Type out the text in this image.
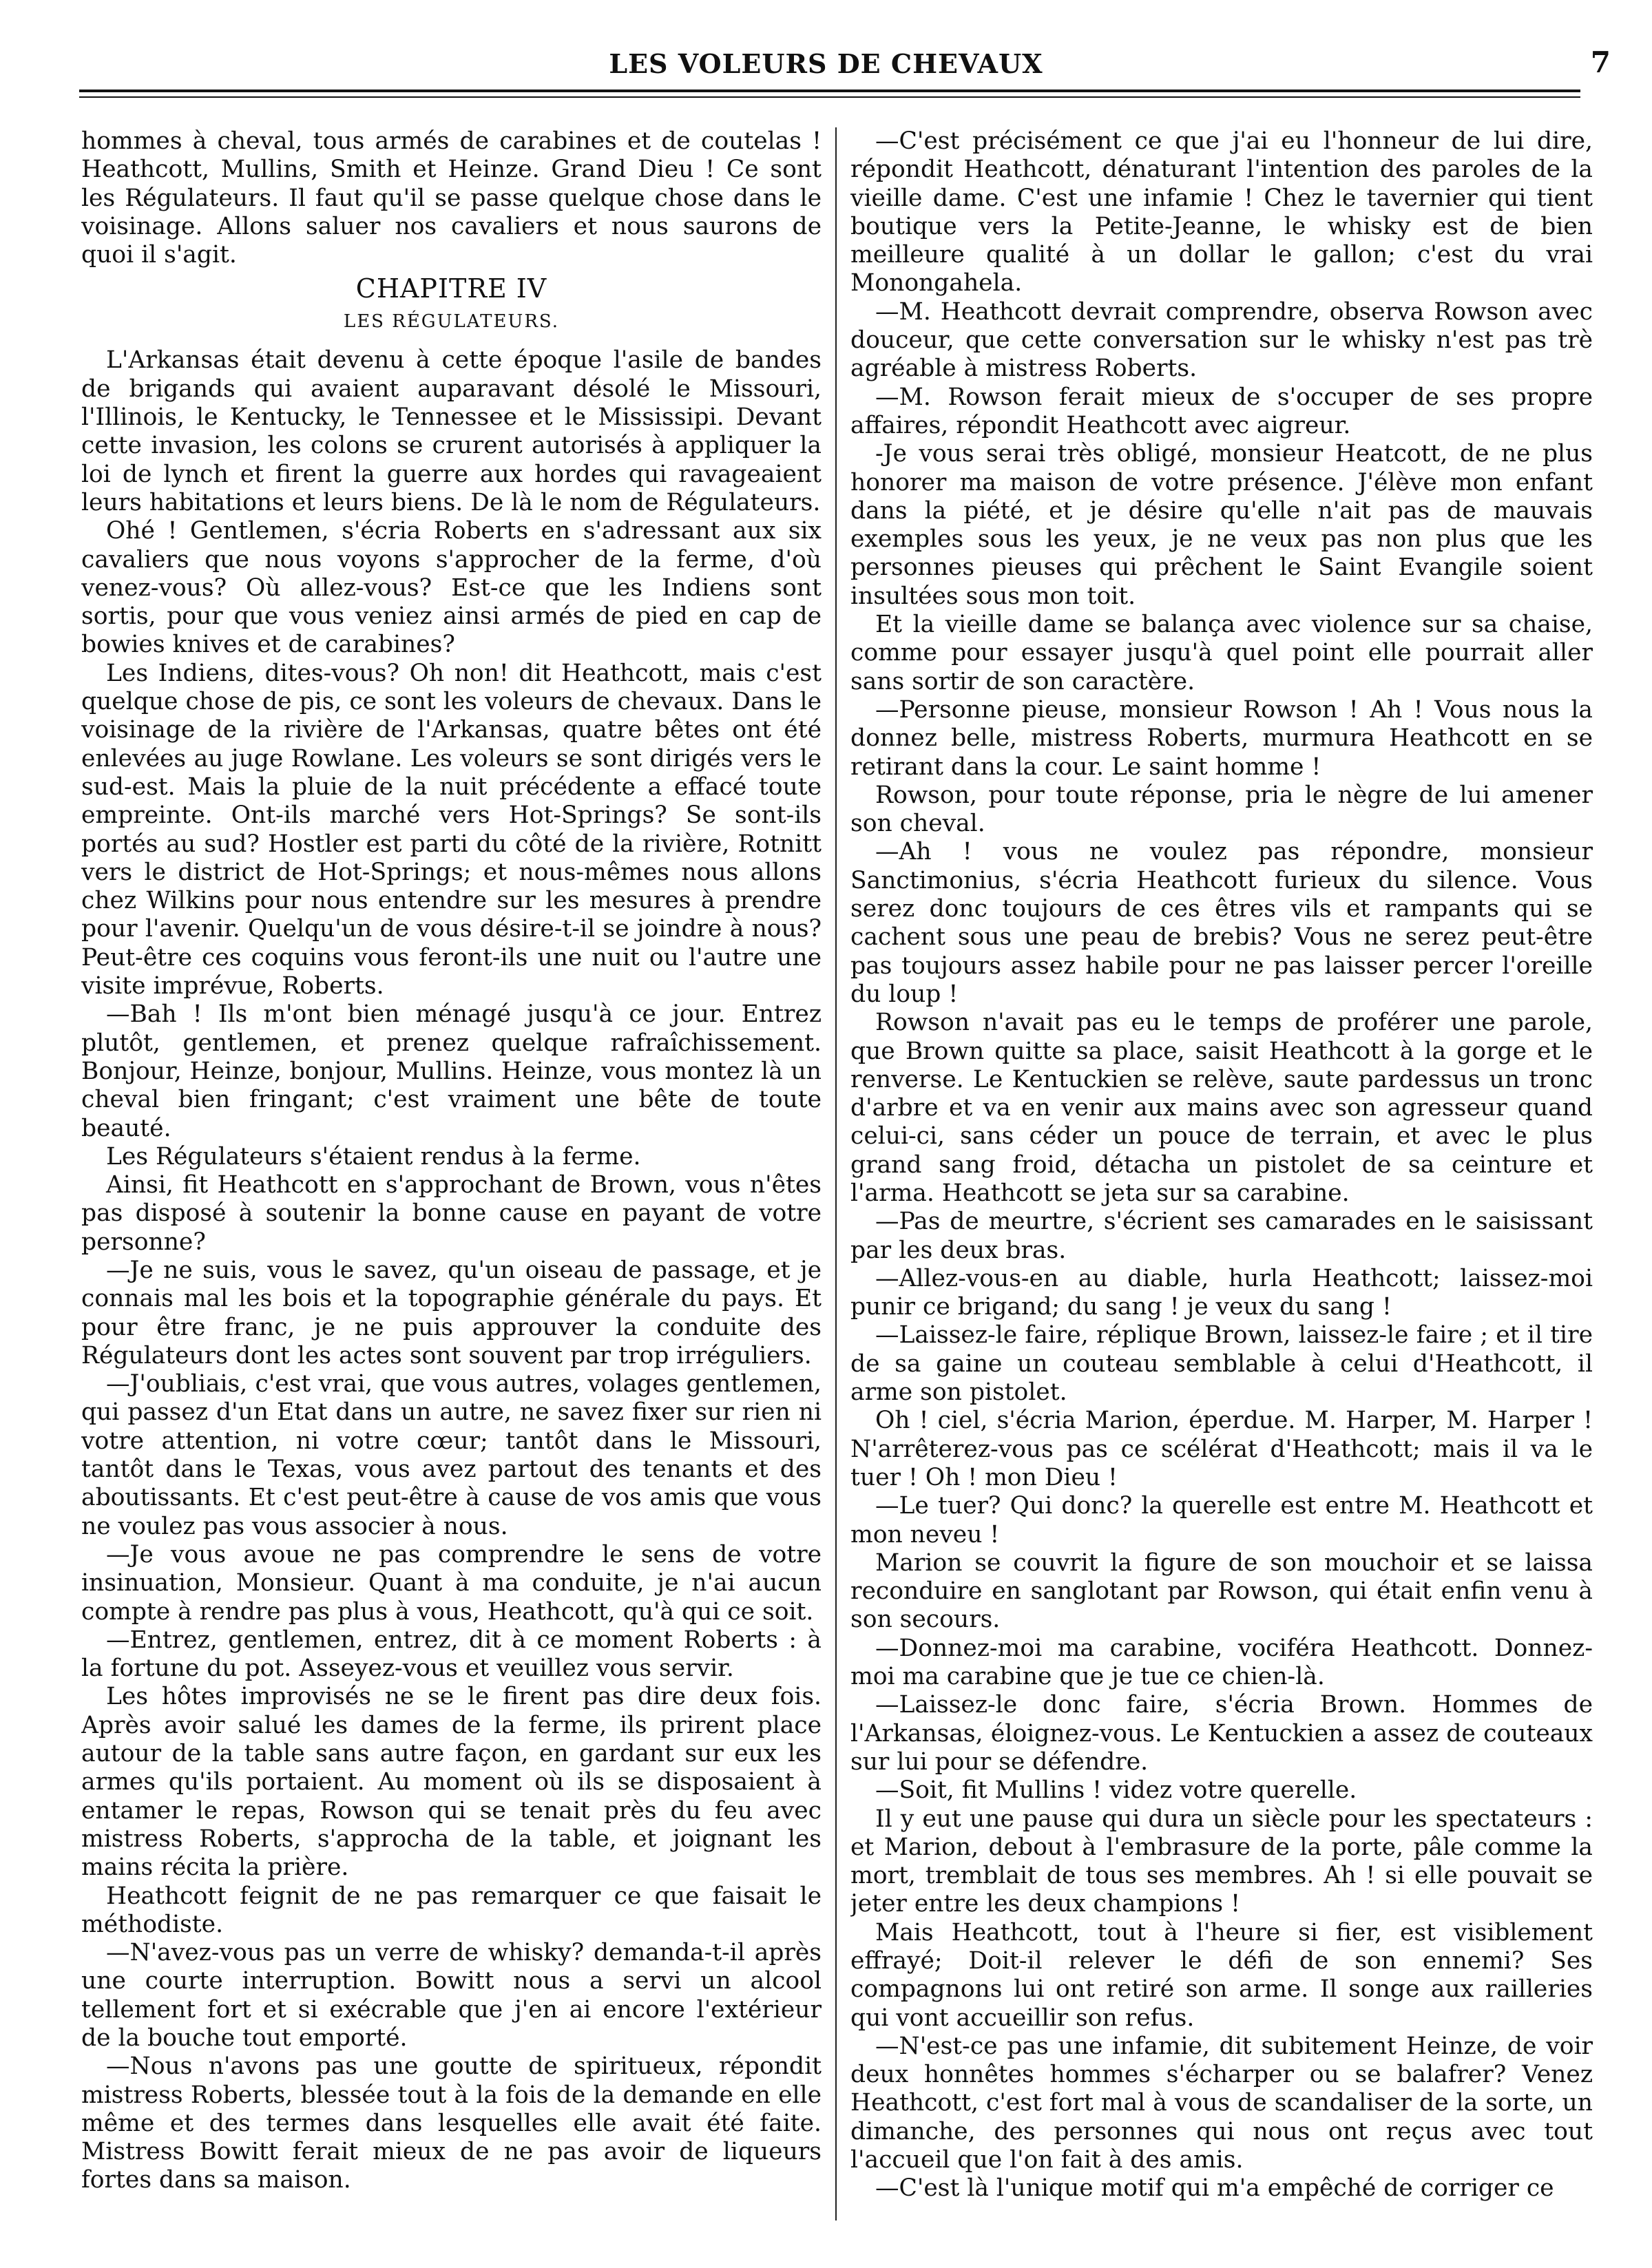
LES VOLEURS DE CHEVAUX	7

hommes à cheval, tous armés de carabines et de coutelas ! Heathcott, Mullins, Smith et Heinze. Grand Dieu ! Ce sont les Régulateurs. Il faut qu'il se passe quelque chose dans le voisinage. Allons saluer nos cavaliers et nous saurons de quoi il s'agit.

CHAPITRE IV
LES RÉGULATEURS.

L'Arkansas était devenu à cette époque l'asile de bandes de brigands qui avaient auparavant désolé le Missouri, l'Illinois, le Kentucky, le Tennessee et le Mississipi. Devant cette invasion, les colons se crurent autorisés à appliquer la loi de lynch et firent la guerre aux hordes qui ravageaient leurs habitations et leurs biens. De là le nom de Régulateurs.

Ohé ! Gentlemen, s'écria Roberts en s'adressant aux six cavaliers que nous voyons s'approcher de la ferme, d'où venez-vous? Où allez-vous? Est-ce que les Indiens sont sortis, pour que vous veniez ainsi armés de pied en cap de bowies knives et de carabines?

Les Indiens, dites-vous? Oh non! dit Heathcott, mais c'est quelque chose de pis, ce sont les voleurs de chevaux. Dans le voisinage de la rivière de l'Arkansas, quatre bêtes ont été enlevées au juge Rowlane. Les voleurs se sont dirigés vers le sud-est. Mais la pluie de la nuit précédente a effacé toute empreinte. Ont-ils marché vers Hot-Springs? Se sont-ils portés au sud? Hostler est parti du côté de la rivière, Rotnitt vers le district de Hot-Springs; et nous-mêmes nous allons chez Wilkins pour nous entendre sur les mesures à prendre pour l'avenir. Quelqu'un de vous désire-t-il se joindre à nous? Peut-être ces coquins vous feront-ils une nuit ou l'autre une visite imprévue, Roberts.

—Bah ! Ils m'ont bien ménagé jusqu'à ce jour. Entrez plutôt, gentlemen, et prenez quelque rafraîchissement. Bonjour, Heinze, bonjour, Mullins. Heinze, vous montez là un cheval bien fringant; c'est vraiment une bête de toute beauté.

Les Régulateurs s'étaient rendus à la ferme.

Ainsi, fit Heathcott en s'approchant de Brown, vous n'êtes pas disposé à soutenir la bonne cause en payant de votre personne?

—Je ne suis, vous le savez, qu'un oiseau de passage, et je connais mal les bois et la topographie générale du pays. Et pour être franc, je ne puis approuver la conduite des Régulateurs dont les actes sont souvent par trop irréguliers.

—J'oubliais, c'est vrai, que vous autres, volages gentlemen, qui passez d'un Etat dans un autre, ne savez fixer sur rien ni votre attention, ni votre cœur; tantôt dans le Missouri, tantôt dans le Texas, vous avez partout des tenants et des aboutissants. Et c'est peut-être à cause de vos amis que vous ne voulez pas vous associer à nous.

—Je vous avoue ne pas comprendre le sens de votre insinuation, Monsieur. Quant à ma conduite, je n'ai aucun compte à rendre pas plus à vous, Heathcott, qu'à qui ce soit.

—Entrez, gentlemen, entrez, dit à ce moment Roberts : à la fortune du pot. Asseyez-vous et veuillez vous servir.

Les hôtes improvisés ne se le firent pas dire deux fois. Après avoir salué les dames de la ferme, ils prirent place autour de la table sans autre façon, en gardant sur eux les armes qu'ils portaient. Au moment où ils se disposaient à entamer le repas, Rowson qui se tenait près du feu avec mistress Roberts, s'approcha de la table, et joignant les mains récita la prière.

Heathcott feignit de ne pas remarquer ce que faisait le méthodiste.

—N'avez-vous pas un verre de whisky? demanda-t-il après une courte interruption. Bowitt nous a servi un alcool tellement fort et si exécrable que j'en ai encore l'extérieur de la bouche tout emporté.

—Nous n'avons pas une goutte de spiritueux, répondit mistress Roberts, blessée tout à la fois de la demande en elle même et des termes dans lesquelles elle avait été faite. Mistress Bowitt ferait mieux de ne pas avoir de liqueurs fortes dans sa maison.

—C'est précisément ce que j'ai eu l'honneur de lui dire, répondit Heathcott, dénaturant l'intention des paroles de la vieille dame. C'est une infamie ! Chez le tavernier qui tient boutique vers la Petite-Jeanne, le whisky est de bien meilleure qualité à un dollar le gallon; c'est du vrai Monongahela.

—M. Heathcott devrait comprendre, observa Rowson avec douceur, que cette conversation sur le whisky n'est pas trè agréable à mistress Roberts.

—M. Rowson ferait mieux de s'occuper de ses propre affaires, répondit Heathcott avec aigreur.

-Je vous serai très obligé, monsieur Heatcott, de ne plus honorer ma maison de votre présence. J'élève mon enfant dans la piété, et je désire qu'elle n'ait pas de mauvais exemples sous les yeux, je ne veux pas non plus que les personnes pieuses qui prêchent le Saint Evangile soient insultées sous mon toit.

Et la vieille dame se balança avec violence sur sa chaise, comme pour essayer jusqu'à quel point elle pourrait aller sans sortir de son caractère.

—Personne pieuse, monsieur Rowson ! Ah ! Vous nous la donnez belle, mistress Roberts, murmura Heathcott en se retirant dans la cour. Le saint homme !

Rowson, pour toute réponse, pria le nègre de lui amener son cheval.

—Ah ! vous ne voulez pas répondre, monsieur Sanctimonius, s'écria Heathcott furieux du silence. Vous serez donc toujours de ces êtres vils et rampants qui se cachent sous une peau de brebis? Vous ne serez peut-être pas toujours assez habile pour ne pas laisser percer l'oreille du loup !

Rowson n'avait pas eu le temps de proférer une parole, que Brown quitte sa place, saisit Heathcott à la gorge et le renverse. Le Kentuckien se relève, saute pardessus un tronc d'arbre et va en venir aux mains avec son agresseur quand celui-ci, sans céder un pouce de terrain, et avec le plus grand sang froid, détacha un pistolet de sa ceinture et l'arma. Heathcott se jeta sur sa carabine.

—Pas de meurtre, s'écrient ses camarades en le saisissant par les deux bras.

—Allez-vous-en au diable, hurla Heathcott; laissez-moi punir ce brigand; du sang ! je veux du sang !

—Laissez-le faire, réplique Brown, laissez-le faire ; et il tire de sa gaine un couteau semblable à celui d'Heathcott, il arme son pistolet.

Oh ! ciel, s'écria Marion, éperdue. M. Harper, M. Harper ! N'arrêterez-vous pas ce scélérat d'Heathcott; mais il va le tuer ! Oh ! mon Dieu !

—Le tuer? Qui donc? la querelle est entre M. Heathcott et mon neveu !

Marion se couvrit la figure de son mouchoir et se laissa reconduire en sanglotant par Rowson, qui était enfin venu à son secours.

—Donnez-moi ma carabine, vociféra Heathcott. Donnez-moi ma carabine que je tue ce chien-là.

—Laissez-le donc faire, s'écria Brown. Hommes de l'Arkansas, éloignez-vous. Le Kentuckien a assez de couteaux sur lui pour se défendre.

—Soit, fit Mullins ! videz votre querelle.

Il y eut une pause qui dura un siècle pour les spectateurs : et Marion, debout à l'embrasure de la porte, pâle comme la mort, tremblait de tous ses membres. Ah ! si elle pouvait se jeter entre les deux champions !

Mais Heathcott, tout à l'heure si fier, est visiblement effrayé; Doit-il relever le défi de son ennemi? Ses compagnons lui ont retiré son arme. Il songe aux railleries qui vont accueillir son refus.

—N'est-ce pas une infamie, dit subitement Heinze, de voir deux honnêtes hommes s'écharper ou se balafrer? Venez Heathcott, c'est fort mal à vous de scandaliser de la sorte, un dimanche, des personnes qui nous ont reçus avec tout l'accueil que l'on fait à des amis.

—C'est là l'unique motif qui m'a empêché de corriger ce
